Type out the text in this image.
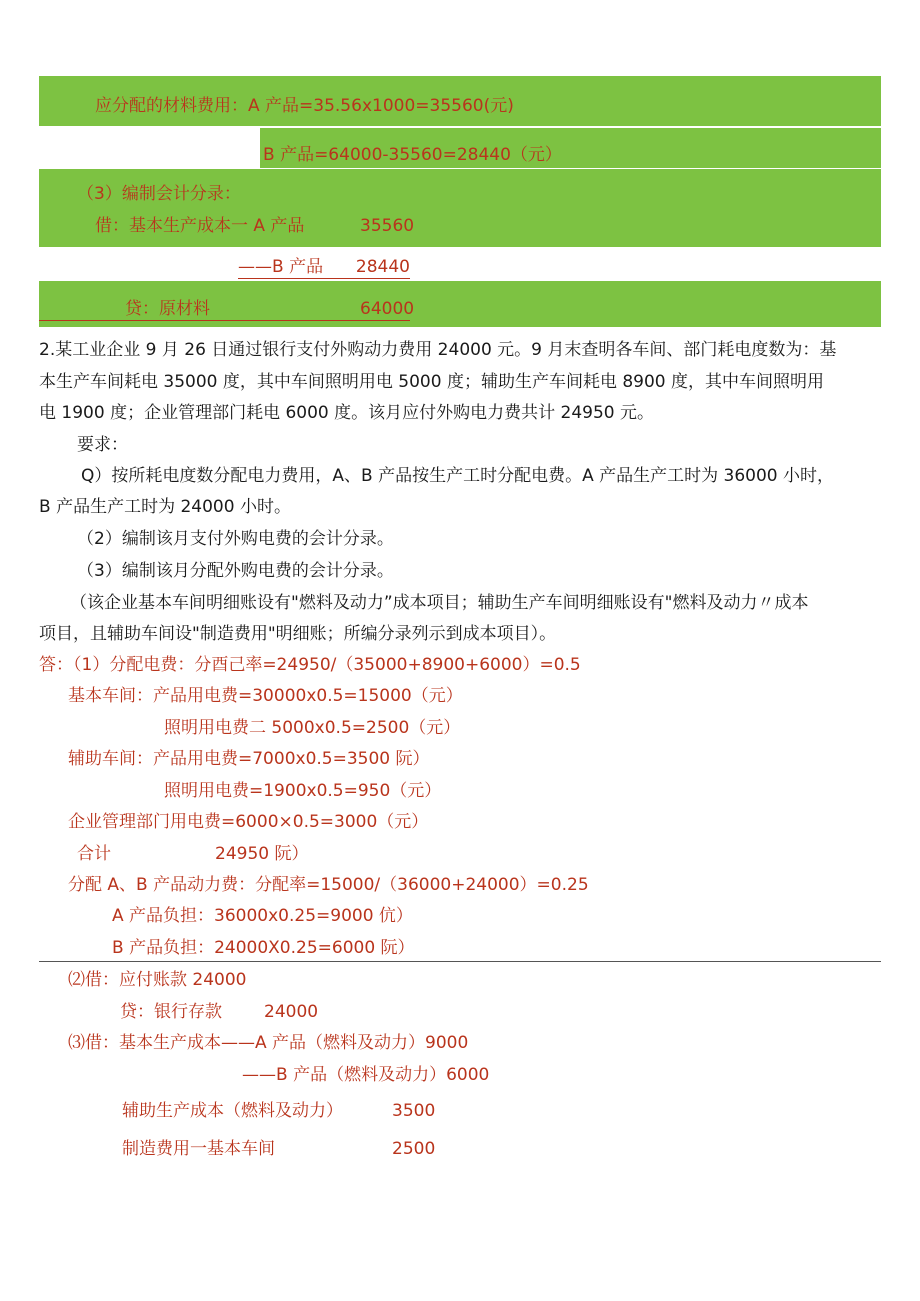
应分配的材料费用：A 产品=35.56x1000=35560(元)
B 产品=64000-35560=28440（元）
（3）编制会计分录：
借：基本生产成本一 A 产品	35560
——B 产品	28440
贷：原材料	64000
2.某工业企业 9 月 26 日通过银行支付外购动力费用 24000 元。9 月末查明各车间、部门耗电度数为：基
本生产车间耗电 35000 度，其中车间照明用电 5000 度；辅助生产车间耗电 8900 度，其中车间照明用
电 1900 度；企业管理部门耗电 6000 度。该月应付外购电力费共计 24950 元。
要求：
Q）按所耗电度数分配电力费用，A、B 产品按生产工时分配电费。A 产品生产工时为 36000 小时，
B 产品生产工时为 24000 小时。
（2）编制该月支付外购电费的会计分录。
（3）编制该月分配外购电费的会计分录。
（该企业基本车间明细账设有"燃料及动力”成本项目；辅助生产车间明细账设有"燃料及动力〃成本
项目，且辅助车间设"制造费用"明细账；所编分录列示到成本项目）。
答：（1）分配电费：分酉己率=24950/（35000+8900+6000）=0.5
基本车间：产品用电费=30000x0.5=15000（元）
照明用电费二 5000x0.5=2500（元）
辅助车间：产品用电费=7000x0.5=3500 阮）
照明用电费=1900x0.5=950（元）
企业管理部门用电费=6000×0.5=3000（元）
合计	24950 阮）
分配 A、B 产品动力费：分配率=15000/（36000+24000）=0.25
A 产品负担：36000x0.25=9000 伉）
B 产品负担：24000X0.25=6000 阮）
⑵借：应付账款 24000
贷：银行存款 24000
⑶借：基本生产成本——A 产品（燃料及动力）9000
——B 产品（燃料及动力）6000
辅助生产成本（燃料及动力）	3500
制造费用一基本车间	2500
